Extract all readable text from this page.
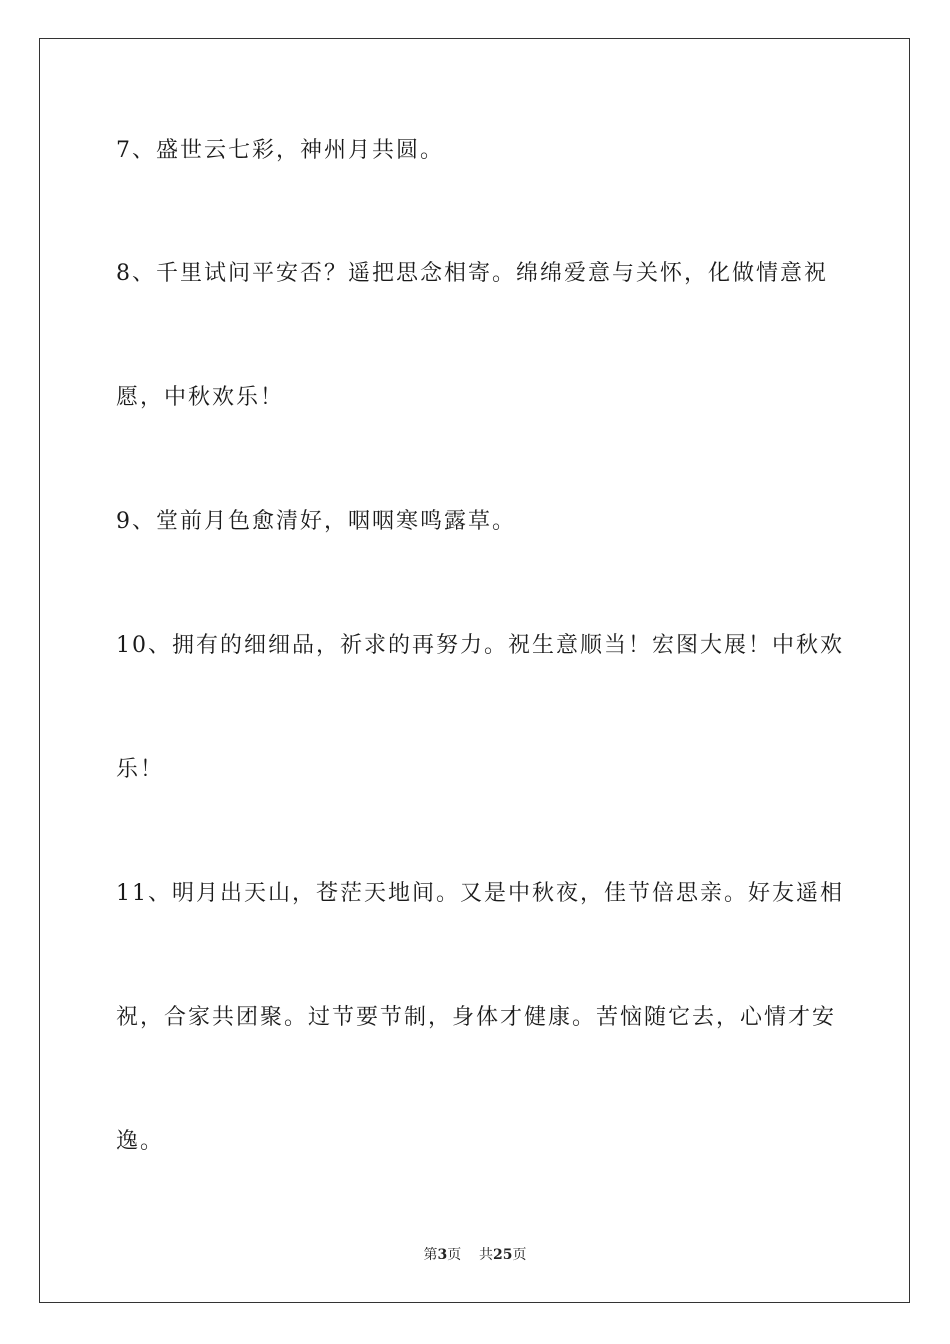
7、盛世云七彩，神州月共圆。
8、千里试问平安否？遥把思念相寄。绵绵爱意与关怀，化做情意祝
愿，中秋欢乐！
9、堂前月色愈清好，咽咽寒鸣露草。
10、拥有的细细品，祈求的再努力。祝生意顺当！宏图大展！中秋欢
乐！
11、明月出天山，苍茫天地间。又是中秋夜，佳节倍思亲。好友遥相
祝，合家共团聚。过节要节制，身体才健康。苦恼随它去，心情才安
逸。
第3页 共25页
